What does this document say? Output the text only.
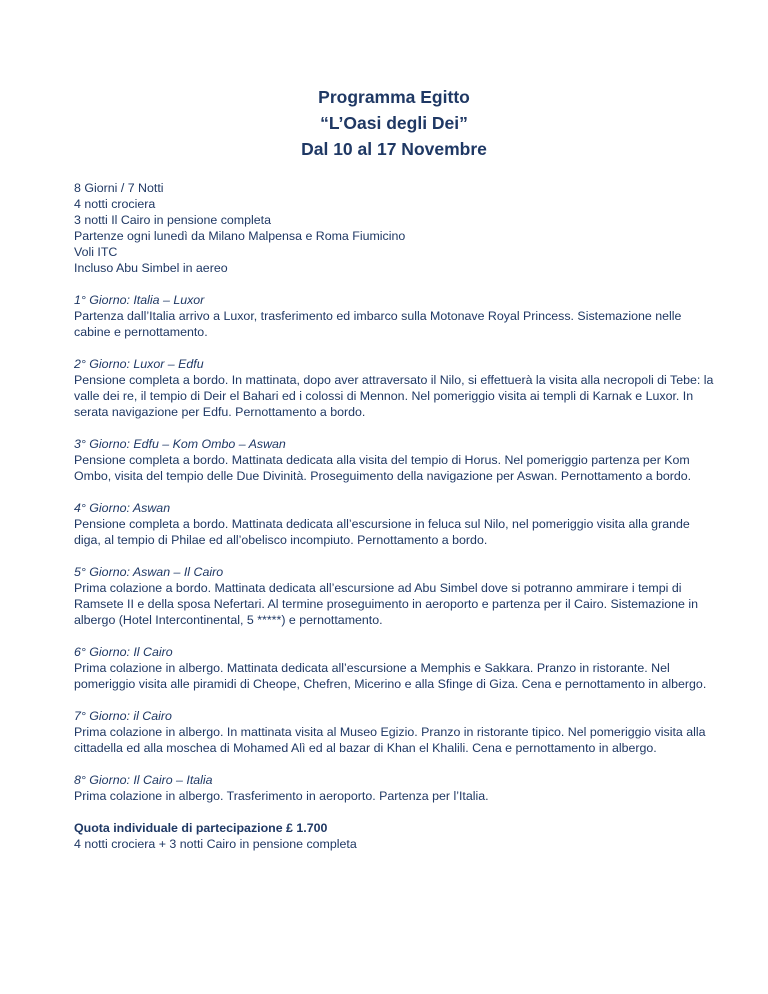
Programma Egitto
“L’Oasi degli Dei”
Dal 10 al 17 Novembre
8 Giorni / 7 Notti
4 notti crociera
3 notti Il Cairo in pensione completa
Partenze ogni lunedì da Milano Malpensa e Roma Fiumicino
Voli ITC
Incluso Abu Simbel in aereo
1° Giorno: Italia – Luxor
Partenza dall’Italia arrivo a Luxor, trasferimento ed imbarco sulla Motonave Royal Princess. Sistemazione nelle cabine e pernottamento.
2° Giorno: Luxor – Edfu
Pensione completa a bordo. In mattinata, dopo aver attraversato il Nilo, si effettuerà la visita alla necropoli di Tebe: la valle dei re, il tempio di Deir el Bahari ed i colossi di Mennon. Nel pomeriggio visita ai templi di Karnak e Luxor. In serata navigazione per Edfu. Pernottamento a bordo.
3° Giorno: Edfu – Kom Ombo – Aswan
Pensione completa a bordo. Mattinata dedicata alla visita del tempio di Horus. Nel pomeriggio partenza per Kom Ombo, visita del tempio delle Due Divinità. Proseguimento della navigazione per Aswan. Pernottamento a bordo.
4° Giorno: Aswan
Pensione completa a bordo. Mattinata dedicata all’escursione in feluca sul Nilo, nel pomeriggio visita alla grande diga, al tempio di Philae ed all’obelisco incompiuto. Pernottamento a bordo.
5° Giorno: Aswan – Il Cairo
Prima colazione a bordo. Mattinata dedicata all’escursione ad Abu Simbel dove si potranno ammirare i tempi di Ramsete II e della sposa Nefertari. Al termine proseguimento in aeroporto e partenza per il Cairo. Sistemazione in albergo (Hotel Intercontinental, 5 *****) e pernottamento.
6° Giorno: Il Cairo
Prima colazione in albergo. Mattinata dedicata all’escursione a Memphis e Sakkara. Pranzo in ristorante. Nel pomeriggio visita alle piramidi di Cheope, Chefren, Micerino e alla Sfinge di Giza. Cena e pernottamento in albergo.
7° Giorno: il Cairo
Prima colazione in albergo. In mattinata visita al Museo Egizio. Pranzo in ristorante tipico. Nel pomeriggio visita alla cittadella ed alla moschea di Mohamed Alì ed al bazar di Khan el Khalili. Cena e pernottamento in albergo.
8° Giorno: Il Cairo – Italia
Prima colazione in albergo. Trasferimento in aeroporto. Partenza per l’Italia.
Quota individuale di partecipazione £ 1.700
4 notti crociera + 3 notti Cairo in pensione completa
